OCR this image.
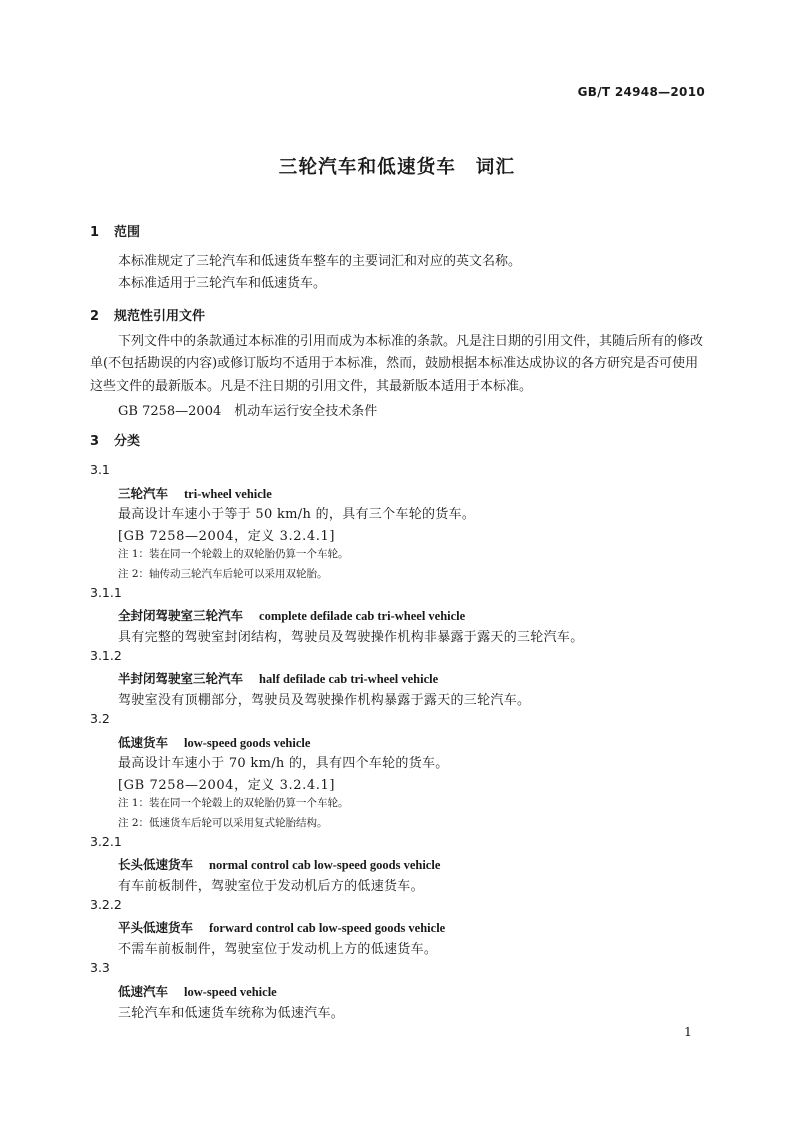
GB/T 24948—2010
三轮汽车和低速货车　词汇
1 范围
本标准规定了三轮汽车和低速货车整车的主要词汇和对应的英文名称。
本标准适用于三轮汽车和低速货车。
2 规范性引用文件
下列文件中的条款通过本标准的引用而成为本标准的条款。凡是注日期的引用文件，其随后所有的修改单(不包括勘误的内容)或修订版均不适用于本标准，然而，鼓励根据本标准达成协议的各方研究是否可使用这些文件的最新版本。凡是不注日期的引用文件，其最新版本适用于本标准。
GB 7258—2004　机动车运行安全技术条件
3 分类
3.1
三轮汽车 tri-wheel vehicle
最高设计车速小于等于 50 km/h 的，具有三个车轮的货车。
[GB 7258—2004，定义 3.2.4.1]
注 1：装在同一个轮毂上的双轮胎仍算一个车轮。
注 2：轴传动三轮汽车后轮可以采用双轮胎。
3.1.1
全封闭驾驶室三轮汽车 complete defilade cab tri-wheel vehicle
具有完整的驾驶室封闭结构，驾驶员及驾驶操作机构非暴露于露天的三轮汽车。
3.1.2
半封闭驾驶室三轮汽车 half defilade cab tri-wheel vehicle
驾驶室没有顶棚部分，驾驶员及驾驶操作机构暴露于露天的三轮汽车。
3.2
低速货车 low-speed goods vehicle
最高设计车速小于 70 km/h 的，具有四个车轮的货车。
[GB 7258—2004，定义 3.2.4.1]
注 1：装在同一个轮毂上的双轮胎仍算一个车轮。
注 2：低速货车后轮可以采用复式轮胎结构。
3.2.1
长头低速货车 normal control cab low-speed goods vehicle
有车前板制件，驾驶室位于发动机后方的低速货车。
3.2.2
平头低速货车 forward control cab low-speed goods vehicle
不需车前板制件，驾驶室位于发动机上方的低速货车。
3.3
低速汽车 low-speed vehicle
三轮汽车和低速货车统称为低速汽车。
1
